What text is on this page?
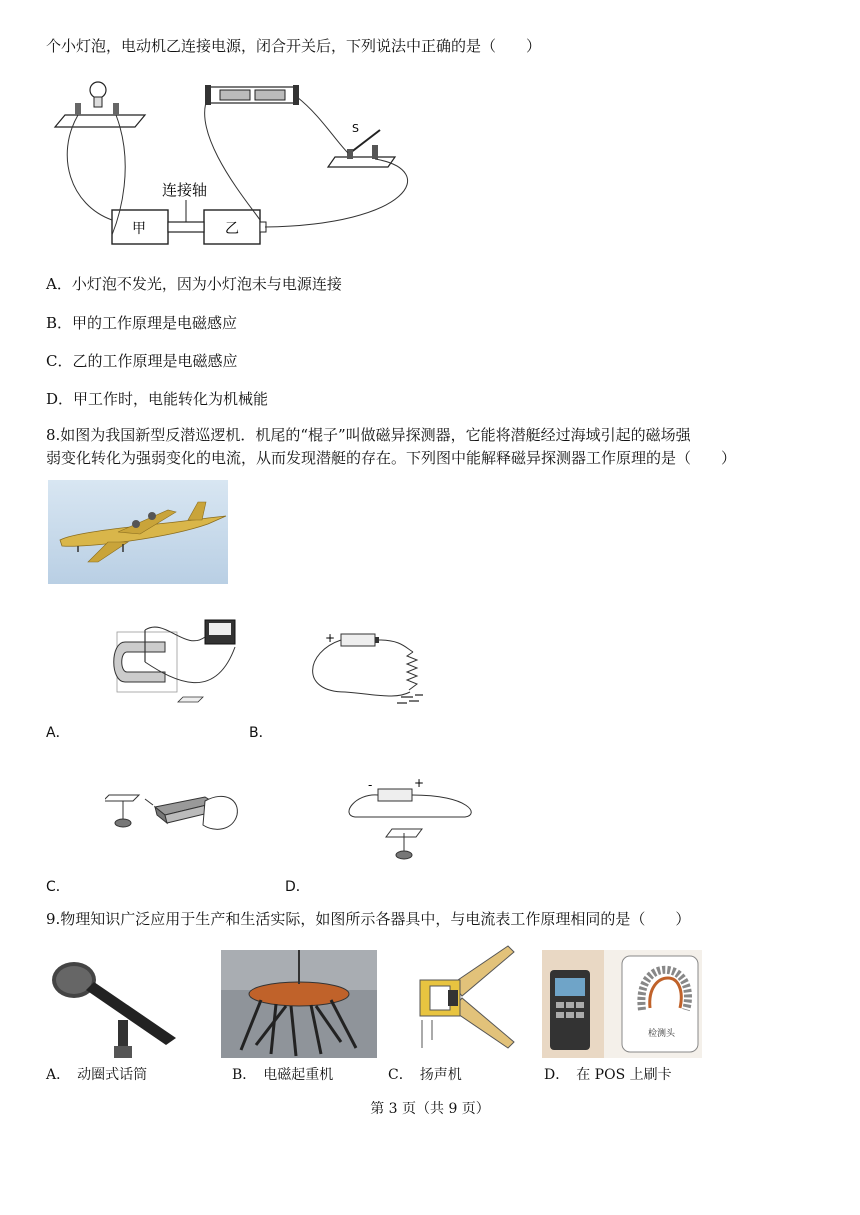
个小灯泡，电动机乙连接电源，闭合开关后，下列说法中正确的是（　　）
S
连接轴
甲	乙
A．小灯泡不发光，因为小灯泡未与电源连接
B．甲的工作原理是电磁感应
C．乙的工作原理是电磁感应
D．甲工作时，电能转化为机械能
8.如图为我国新型反潜巡逻机．机尾的“棍子”叫做磁异探测器，它能将潜艇经过海域引起的磁场强
弱变化转化为强弱变化的电流，从而发现潜艇的存在。下列图中能解释磁异探测器工作原理的是（　　）
A．
+
B．
C．
-	+
D．
9.物理知识广泛应用于生产和生活实际，如图所示各器具中，与电流表工作原理相同的是（　　）
检测头
A．　动圈式话筒	B．　电磁起重机	C．　扬声机	D．　在 POS 上刷卡
第 3 页（共 9 页）
